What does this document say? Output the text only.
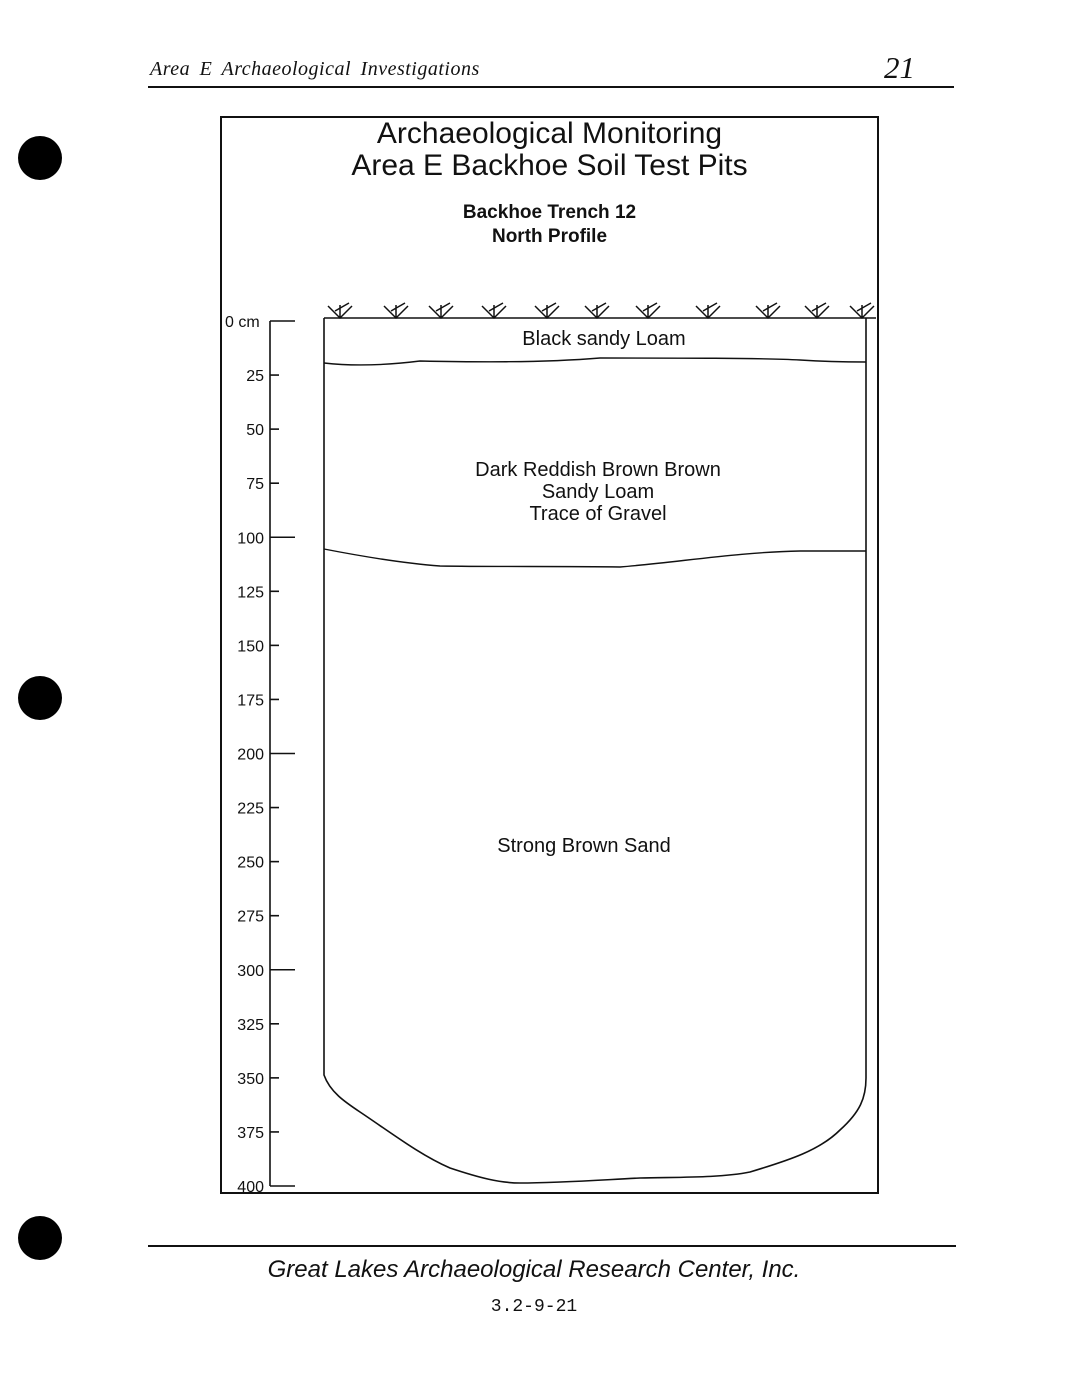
Area E Archaeological Investigations	21
Archaeological Monitoring
Area E Backhoe Soil Test Pits
Backhoe Trench 12
North Profile
0 cm
25
50
75
100
125
150
175
200
225
250
275
300
325
350
375
400
Black sandy Loam
Dark Reddish Brown Brown
Sandy Loam
Trace of Gravel
Strong Brown Sand
Great Lakes Archaeological Research Center, Inc.
3.2-9-21
